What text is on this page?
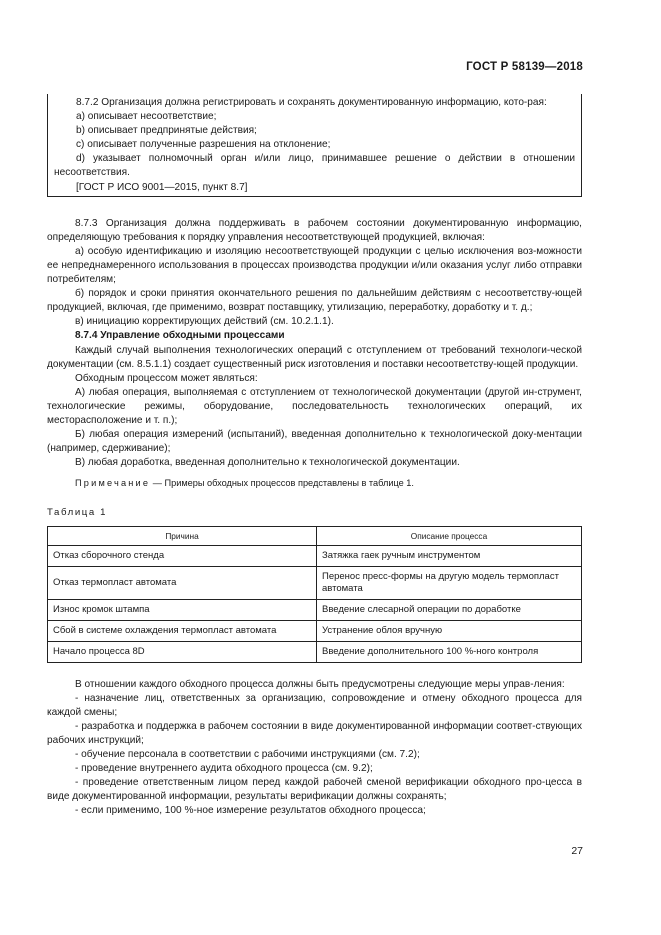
ГОСТ Р 58139—2018

8.7.2 Организация должна регистрировать и сохранять документированную информацию, кото-рая:

a) описывает несоответствие;

b) описывает предпринятые действия;

c) описывает полученные разрешения на отклонение;

d) указывает полномочный орган и/или лицо, принимавшее решение о действии в отношении несоответствия.

[ГОСТ Р ИСО 9001—2015, пункт 8.7]

8.7.3 Организация должна поддерживать в рабочем состоянии документированную информацию, определяющую требования к порядку управления несоответствующей продукцией, включая:

а) особую идентификацию и изоляцию несоответствующей продукции с целью исключения воз-можности ее непреднамеренного использования в процессах производства продукции и/или оказания услуг либо отправки потребителям;

б) порядок и сроки принятия окончательного решения по дальнейшим действиям с несоответству-ющей продукцией, включая, где применимо, возврат поставщику, утилизацию, переработку, доработку и т. д.;

в) инициацию корректирующих действий (см. 10.2.1.1).

8.7.4 Управление обходными процессами

Каждый случай выполнения технологических операций с отступлением от требований технологи-ческой документации (см. 8.5.1.1) создает существенный риск изготовления и поставки несоответству-ющей продукции.

Обходным процессом может являться:

А) любая операция, выполняемая с отступлением от технологической документации (другой ин-струмент, технологические режимы, оборудование, последовательность технологических операций, их месторасположение и т. п.);

Б) любая операция измерений (испытаний), введенная дополнительно к технологической доку-ментации (например, сдерживание);

В) любая доработка, введенная дополнительно к технологической документации.

Примечание — Примеры обходных процессов представлены в таблице 1.

Таблица 1
Причина	Описание процесса
Отказ сборочного стенда	Затяжка гаек ручным инструментом
Отказ термопласт автомата	Перенос пресс-формы на другую модель термопласт автомата
Износ кромок штампа	Введение слесарной операции по доработке
Сбой в системе охлаждения термопласт автомата	Устранение облоя вручную
Начало процесса 8D	Введение дополнительного 100 %-ного контроля

В отношении каждого обходного процесса должны быть предусмотрены следующие меры управ-ления:

- назначение лиц, ответственных за организацию, сопровождение и отмену обходного процесса для каждой смены;

- разработка и поддержка в рабочем состоянии в виде документированной информации соответ-ствующих рабочих инструкций;

- обучение персонала в соответствии с рабочими инструкциями (см. 7.2);

- проведение внутреннего аудита обходного процесса (см. 9.2);

- проведение ответственным лицом перед каждой рабочей сменой верификации обходного про-цесса в виде документированной информации, результаты верификации должны сохранять;

- если применимо, 100 %-ное измерение результатов обходного процесса;

27
